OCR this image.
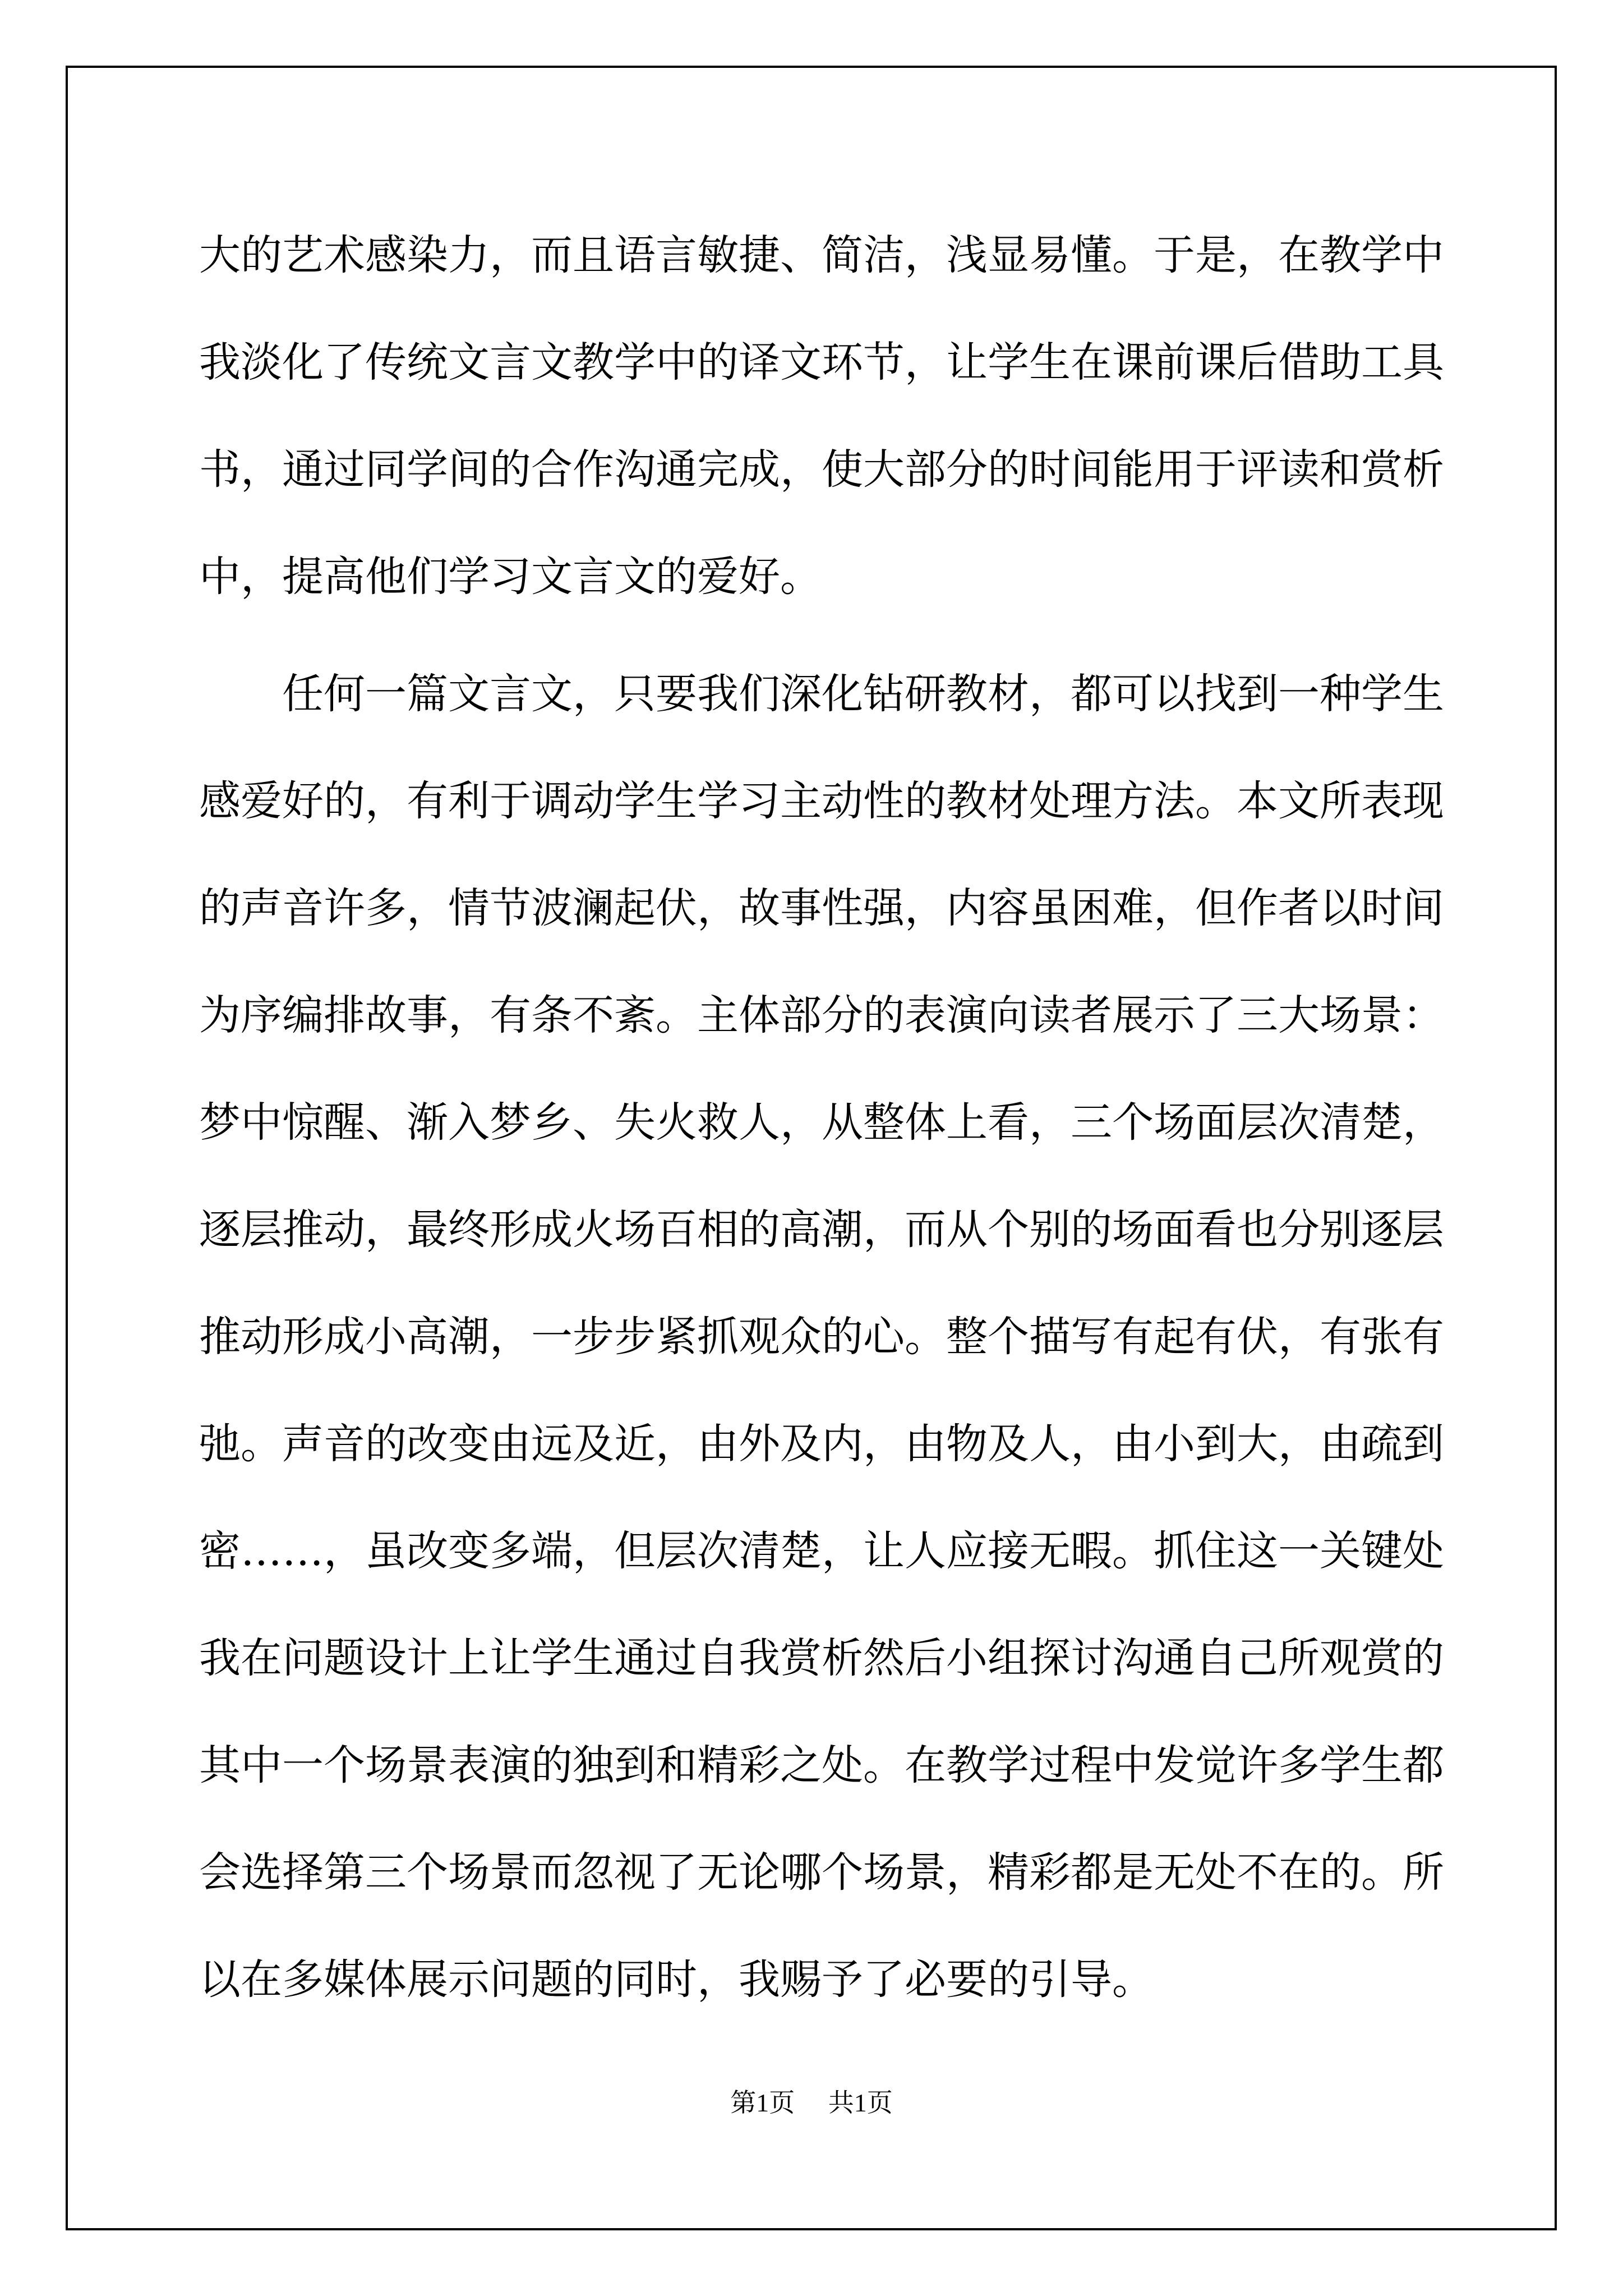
大的艺术感染力，而且语言敏捷、简洁，浅显易懂。于是，在教学中
我淡化了传统文言文教学中的译文环节，让学生在课前课后借助工具
书，通过同学间的合作沟通完成，使大部分的时间能用于评读和赏析
中，提高他们学习文言文的爱好。
　　任何一篇文言文，只要我们深化钻研教材，都可以找到一种学生
感爱好的，有利于调动学生学习主动性的教材处理方法。本文所表现
的声音许多，情节波澜起伏，故事性强，内容虽困难，但作者以时间
为序编排故事，有条不紊。主体部分的表演向读者展示了三大场景：
梦中惊醒、渐入梦乡、失火救人，从整体上看，三个场面层次清楚，
逐层推动，最终形成火场百相的高潮，而从个别的场面看也分别逐层
推动形成小高潮，一步步紧抓观众的心。整个描写有起有伏，有张有
弛。声音的改变由远及近，由外及内，由物及人，由小到大，由疏到
密……，虽改变多端，但层次清楚，让人应接无暇。抓住这一关键处
我在问题设计上让学生通过自我赏析然后小组探讨沟通自己所观赏的
其中一个场景表演的独到和精彩之处。在教学过程中发觉许多学生都
会选择第三个场景而忽视了无论哪个场景，精彩都是无处不在的。所
以在多媒体展示问题的同时，我赐予了必要的引导。
第1页 共1页
